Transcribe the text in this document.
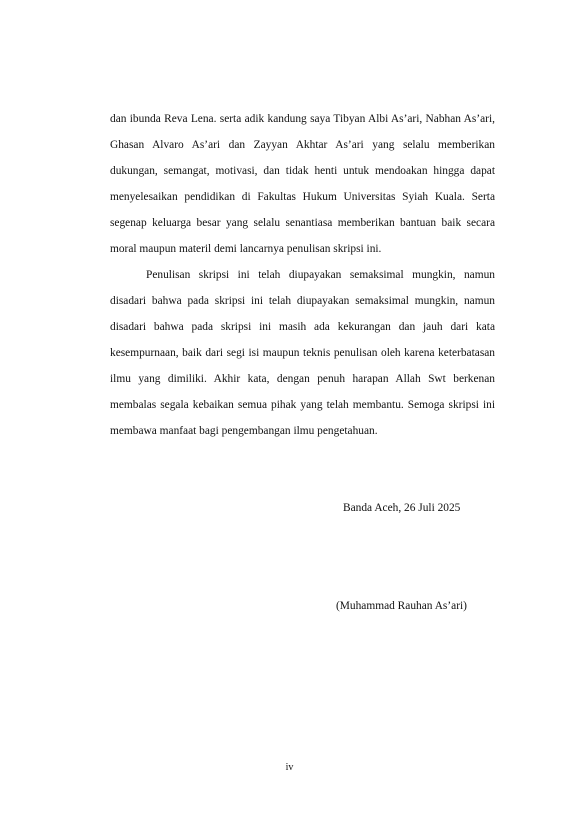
dan ibunda Reva Lena. serta adik kandung saya Tibyan Albi As’ari, Nabhan As’ari,
Ghasan Alvaro As’ari dan Zayyan Akhtar As’ari yang selalu memberikan
dukungan, semangat, motivasi, dan tidak henti untuk mendoakan hingga dapat
menyelesaikan pendidikan di Fakultas Hukum Universitas Syiah Kuala. Serta
segenap keluarga besar yang selalu senantiasa memberikan bantuan baik secara
moral maupun materil demi lancarnya penulisan skripsi ini.

Penulisan skripsi ini telah diupayakan semaksimal mungkin, namun
disadari bahwa pada skripsi ini telah diupayakan semaksimal mungkin, namun
disadari bahwa pada skripsi ini masih ada kekurangan dan jauh dari kata
kesempurnaan, baik dari segi isi maupun teknis penulisan oleh karena keterbatasan
ilmu yang dimiliki. Akhir kata, dengan penuh harapan Allah Swt berkenan
membalas segala kebaikan semua pihak yang telah membantu. Semoga skripsi ini
membawa manfaat bagi pengembangan ilmu pengetahuan.

Banda Aceh, 26 Juli 2025
(Muhammad Rauhan As’ari)
iv
